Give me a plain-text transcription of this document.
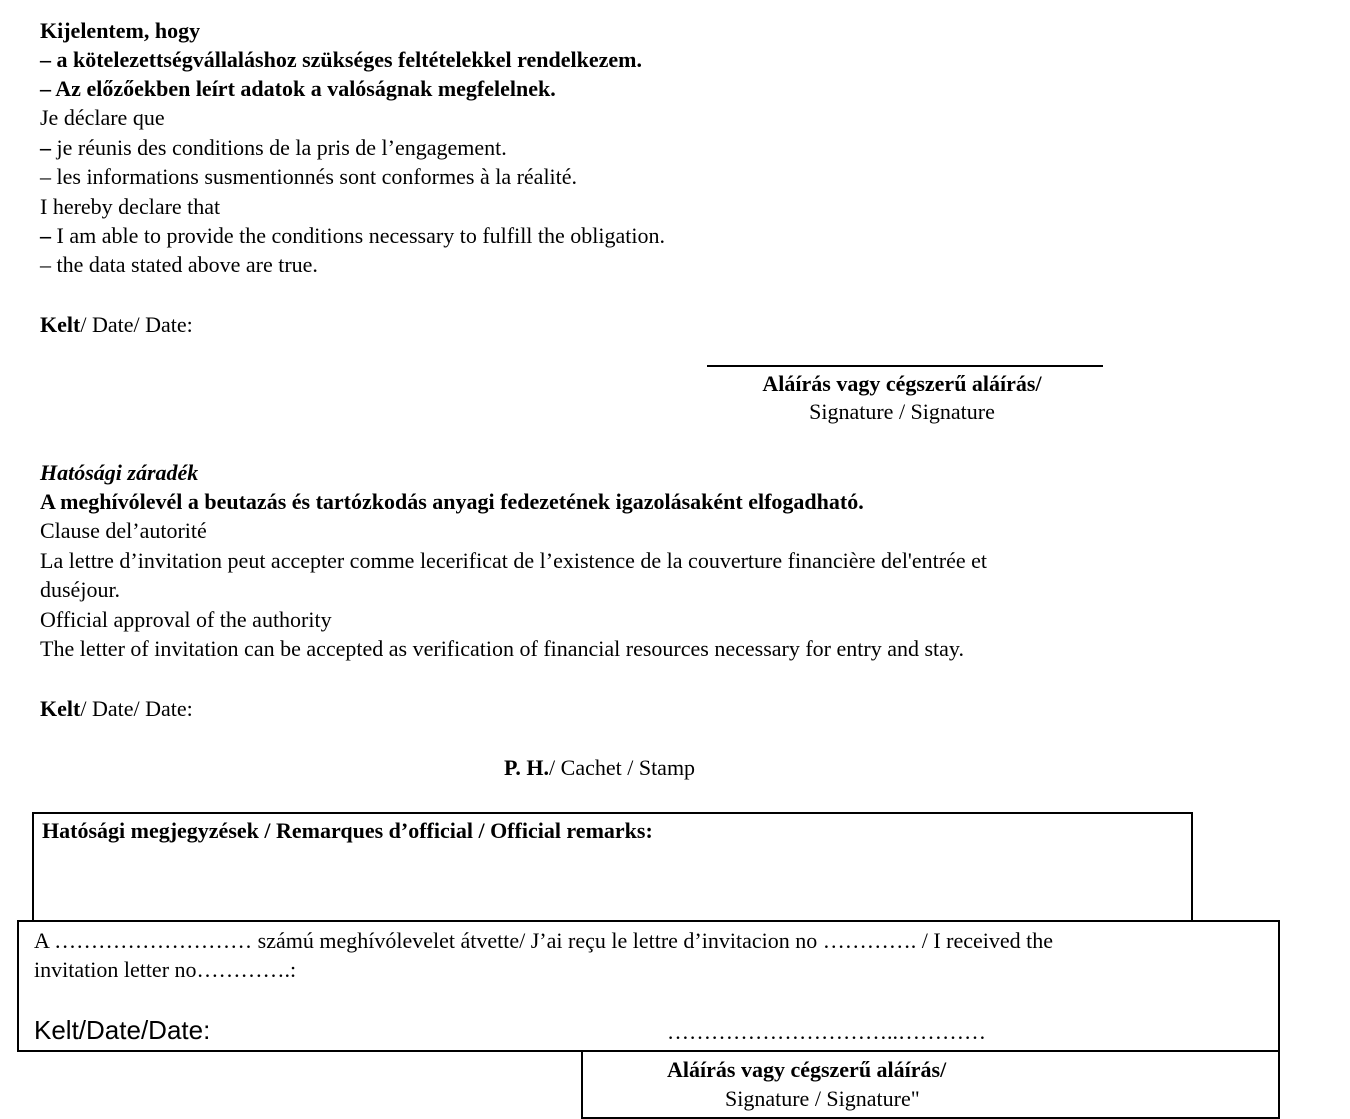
Kijelentem, hogy
– a kötelezettségvállaláshoz szükséges feltételekkel rendelkezem.
– Az előzőekben leírt adatok a valóságnak megfelelnek.
Je déclare que
– je réunis des conditions de la pris de l’engagement.
– les informations susmentionnés sont conformes à la réalité.
I hereby declare that
– I am able to provide the conditions necessary to fulfill the obligation.
– the data stated above are true.
Kelt/ Date/ Date:
Aláírás vagy cégszerű aláírás/
Signature / Signature
Hatósági záradék
A meghívólevél a beutazás és tartózkodás anyagi fedezetének igazolásaként elfogadható.
Clause del’autorité
La lettre d’invitation peut accepter comme lecerificat de l’existence de la couverture financière del'entrée et
duséjour.
Official approval of the authority
The letter of invitation can be accepted as verification of financial resources necessary for entry and stay.
Kelt/ Date/ Date:
P. H./ Cachet / Stamp
Hatósági megjegyzések / Remarques d’official / Official remarks:
A ……………………… számú meghívólevelet átvette/ J’ai reçu le lettre d’invitacion no …………. / I received the
invitation letter no………….:
Kelt/Date/Date:	…………………………..…………
Aláírás vagy cégszerű aláírás/
Signature / Signature"
